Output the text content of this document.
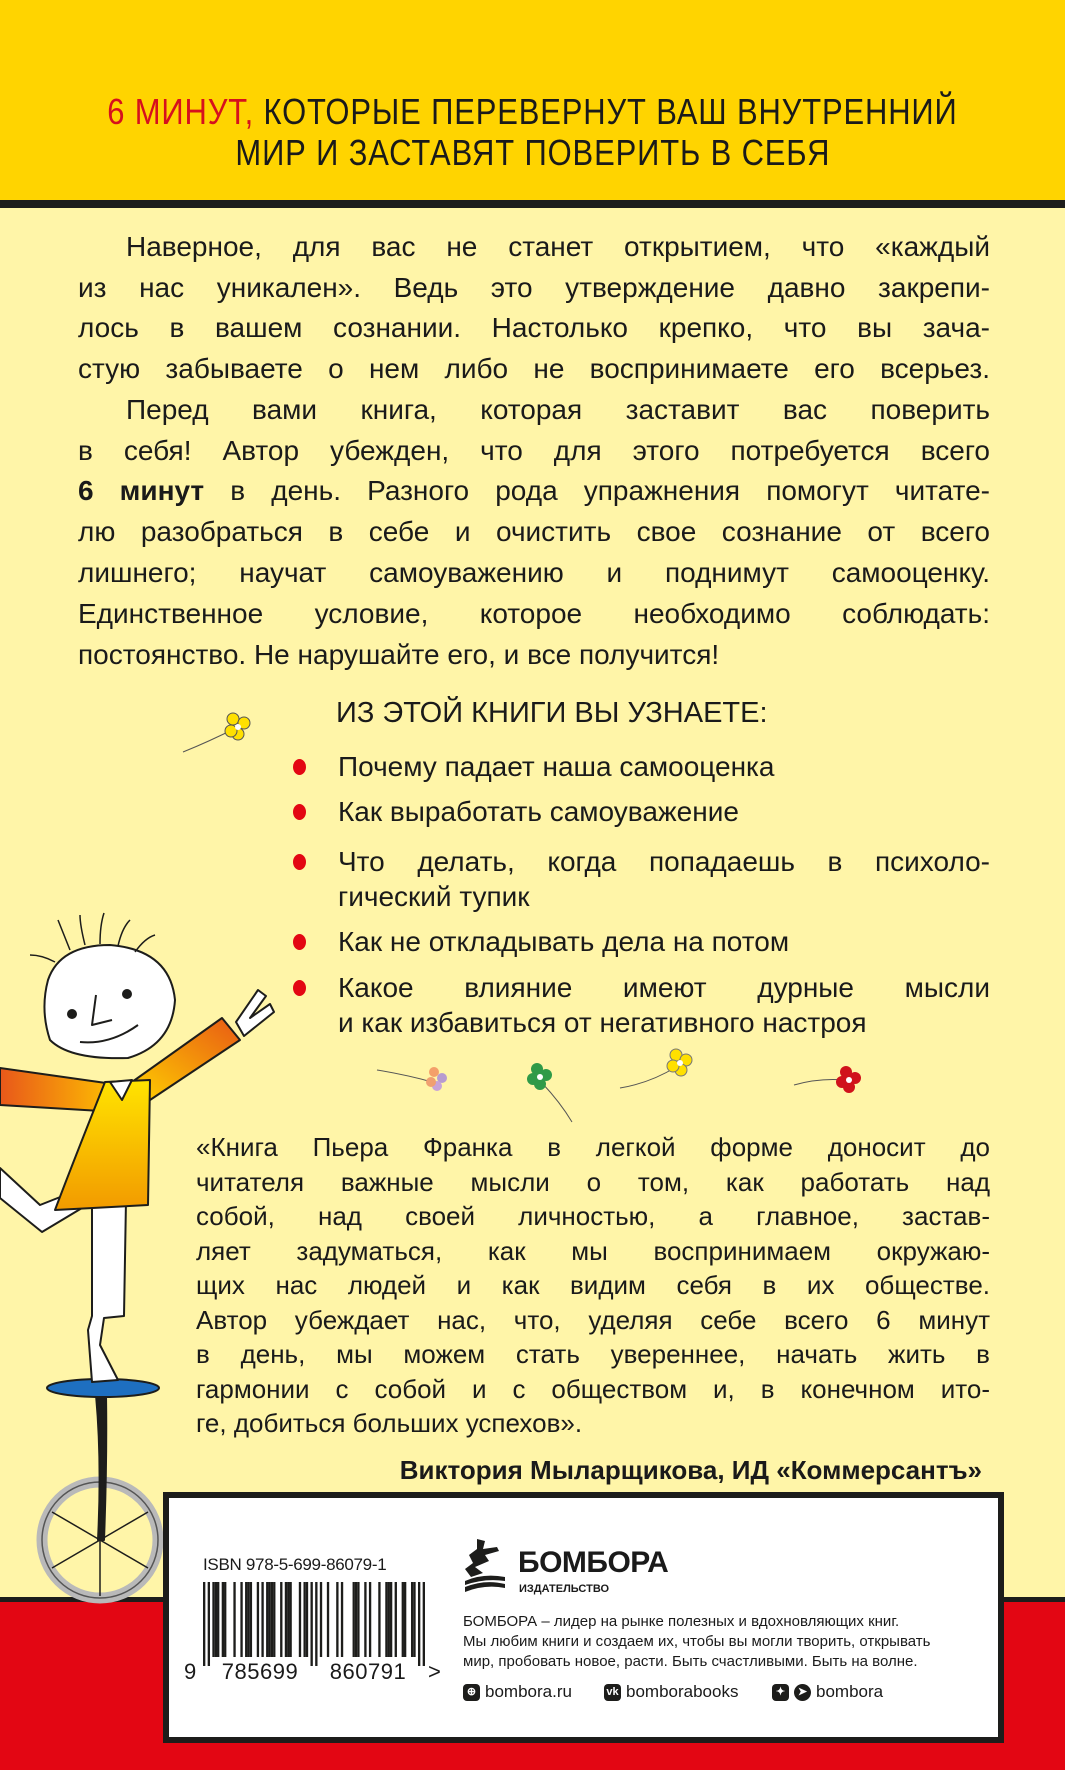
6 МИНУТ, КОТОРЫЕ ПЕРЕВЕРНУТ ВАШ ВНУТРЕННИЙ
МИР И ЗАСТАВЯТ ПОВЕРИТЬ В СЕБЯ
Наверное, для вас не станет открытием, что «каждый
из нас уникален». Ведь это утверждение давно закрепи-
лось в вашем сознании. Настолько крепко, что вы зача-
стую забываете о нем либо не воспринимаете его всерьез.
Перед вами книга, которая заставит вас поверить
в себя! Автор убежден, что для этого потребуется всего
6 минут в день. Разного рода упражнения помогут читате-
лю разобраться в себе и очистить свое сознание от всего
лишнего; научат самоуважению и поднимут самооценку.
Единственное условие, которое необходимо соблюдать:
постоянство. Не нарушайте его, и все получится!
ИЗ ЭТОЙ КНИГИ ВЫ УЗНАЕТЕ:
Почему падает наша самооценка
Как выработать самоуважение
Что делать, когда попадаешь в психоло-
гический тупик
Как не откладывать дела на потом
Какое влияние имеют дурные мысли
и как избавиться от негативного настроя
«Книга Пьера Франка в легкой форме доносит до
читателя важные мысли о том, как работать над
собой, над своей личностью, а главное, застав-
ляет задуматься, как мы воспринимаем окружаю-
щих нас людей и как видим себя в их обществе.
Автор убеждает нас, что, уделяя себе всего 6 минут
в день, мы можем стать увереннее, начать жить в
гармонии с собой и с обществом и, в конечном ито-
ге, добиться больших успехов».
Виктория Мыларщикова, ИД «Коммерсантъ»
ISBN 978-5-699-86079-1
9	785699	860791 >
БОМБОРА
ИЗДАТЕЛЬСТВО
БОМБОРА – лидер на рынке полезных и вдохновляющих книг.
Мы любим книги и создаем их, чтобы вы могли творить, открывать
мир, пробовать новое, расти. Быть счастливыми. Быть на волне.
⊕ bombora.ru	vk bomborabooks	✦	➤ bombora
